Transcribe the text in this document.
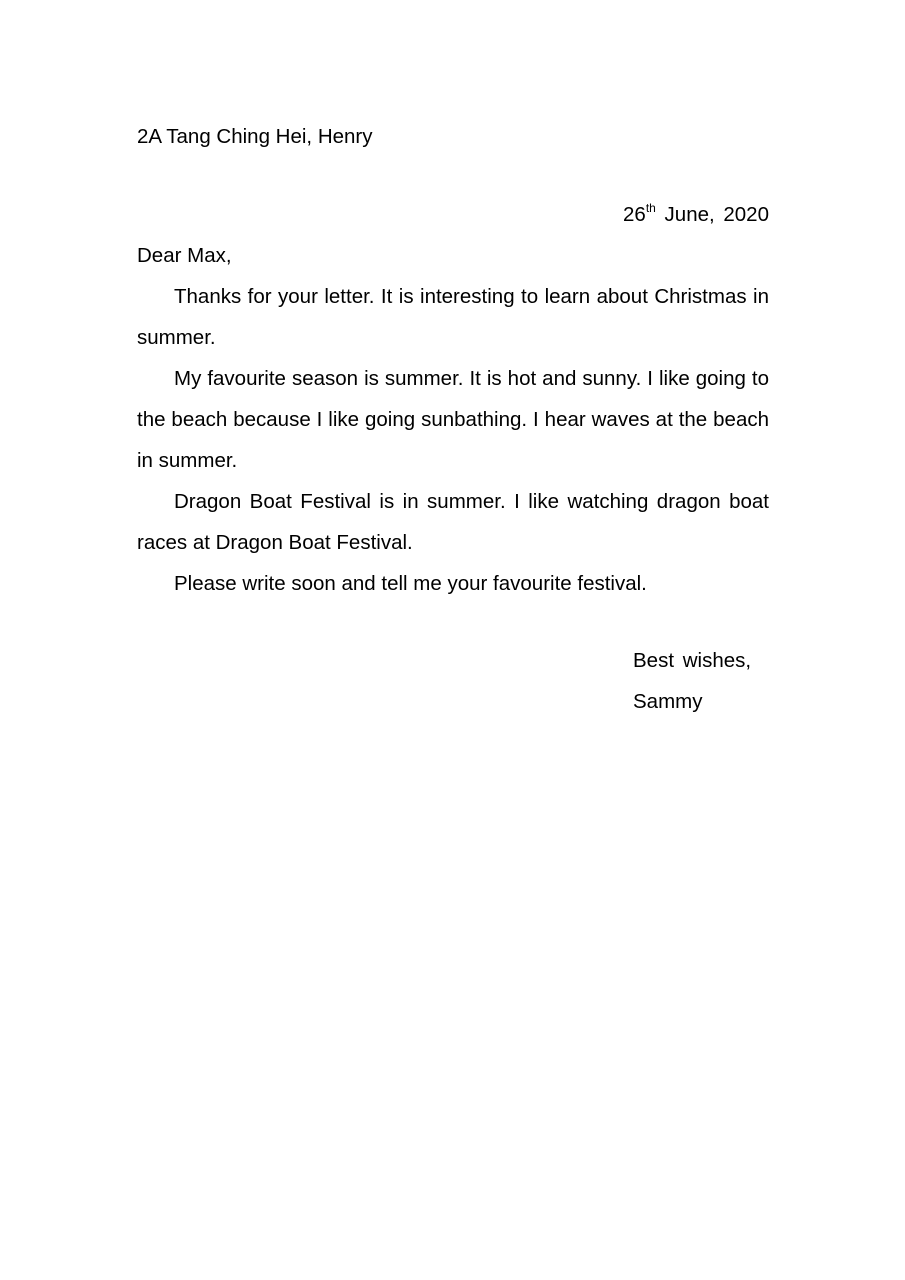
2A Tang Ching Hei, Henry

26th June, 2020

Dear Max,

Thanks for your letter. It is interesting to learn about Christmas in summer.

My favourite season is summer. It is hot and sunny. I like going to the beach because I like going sunbathing. I hear waves at the beach in summer.

Dragon Boat Festival is in summer. I like watching dragon boat races at Dragon Boat Festival.

Please write soon and tell me your favourite festival.

Best wishes,
Sammy
